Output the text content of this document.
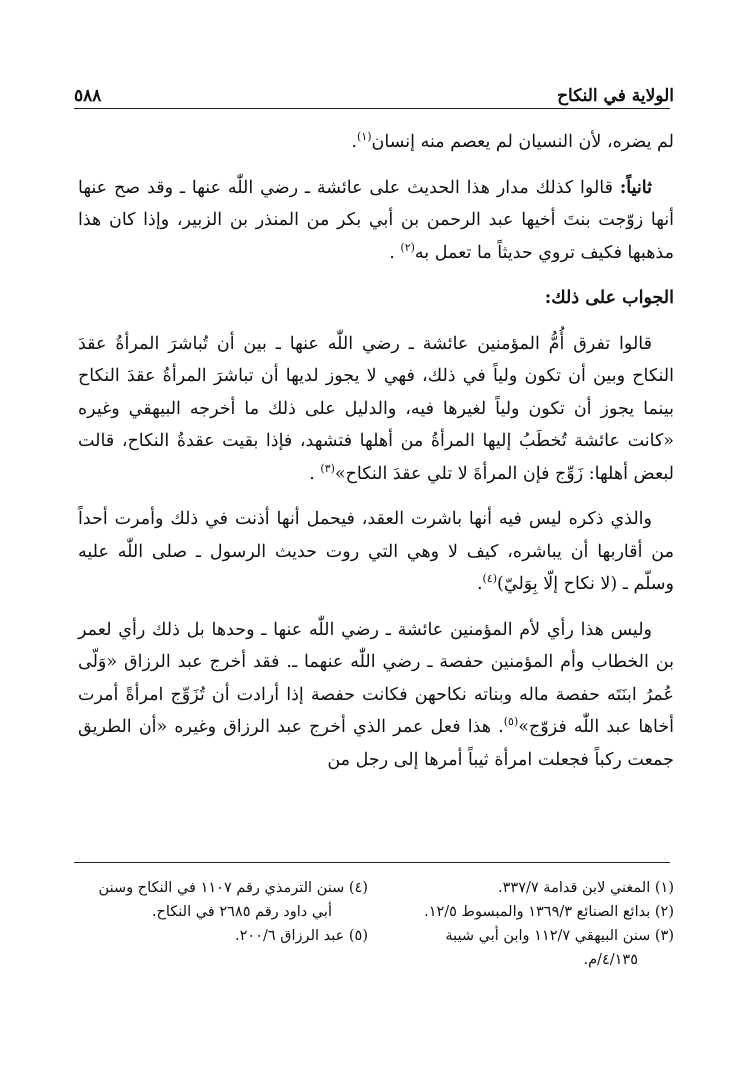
الولاية في النكاح
٥٨٨

لم يضره، لأن النسيان لم يعصم منه إنسان$^{(١)}$.

ثانياً: قالوا كذلك مدار هذا الحديث على عائشة ـ رضي اللّٰه عنها ـ وقد صح عنها أنها زوّجت بنتَ أخيها عبد الرحمن بن أبي بكر من المنذر بن الزبير، وإذا كان هذا مذهبها فكيف تروي حديثاً ما تعمل به$^{(٢)}$ .

الجواب على ذلك:

قالوا تفرق أُمُّ المؤمنين عائشة ـ رضي اللّٰه عنها ـ بين أن تُباشرَ المرأةُ عقدَ النكاح وبين أن تكون ولياً في ذلك، فهي لا يجوز لديها أن تباشرَ المرأةُ عقدَ النكاح بينما يجوز أن تكون ولياً لغيرها فيه، والدليل على ذلك ما أخرجه البيهقي وغيره «كانت عائشة تُخطَبُ إليها المرأةُ من أهلها فتشهد، فإذا بقيت عقدةُ النكاح، قالت لبعض أهلها: زَوِّج فإن المرأةَ لا تلي عقدَ النكاح»$^{(٣)}$ .

والذي ذكره ليس فيه أنها باشرت العقد، فيحمل أنها أذنت في ذلك وأمرت أحداً من أقاربها أن يباشره، كيف لا وهي التي روت حديث الرسول ـ صلى اللّٰه عليه وسلّم ـ (لا نكاح إلّا بِوَليّ)$^{(٤)}$.

وليس هذا رأي لأم المؤمنين عائشة ـ رضي اللّٰه عنها ـ وحدها بل ذلك رأي لعمر بن الخطاب وأم المؤمنين حفصة ـ رضي اللّٰه عنهما ـ. فقد أخرج عبد الرزاق «وَلّى عُمرُ ابنَتَه حفصة ماله وبناته نكاحهن فكانت حفصة إذا أرادت أن تُزَوِّج امرأةً أمرت أخاها عبد اللّٰه فزوّج»$^{(٥)}$. هذا فعل عمر الذي أخرج عبد الرزاق وغيره «أن الطريق جمعت ركباً فجعلت امرأة ثيباً أمرها إلى رجل من

(١) المغني لابن قدامة ٣٣٧/٧.

(٢) بدائع الصنائع ١٣٦٩/٣ والمبسوط ١٢/٥.

(٣) سنن البيهقي ١١٢/٧ وابن أبي شيبة

٤/١٣٥/م.

(٤) سنن الترمذي رقم ١١٠٧ في النكاح وسنن

أبي داود رقم ٢٦٨٥ في النكاح.

(٥) عبد الرزاق ٢٠٠/٦.
